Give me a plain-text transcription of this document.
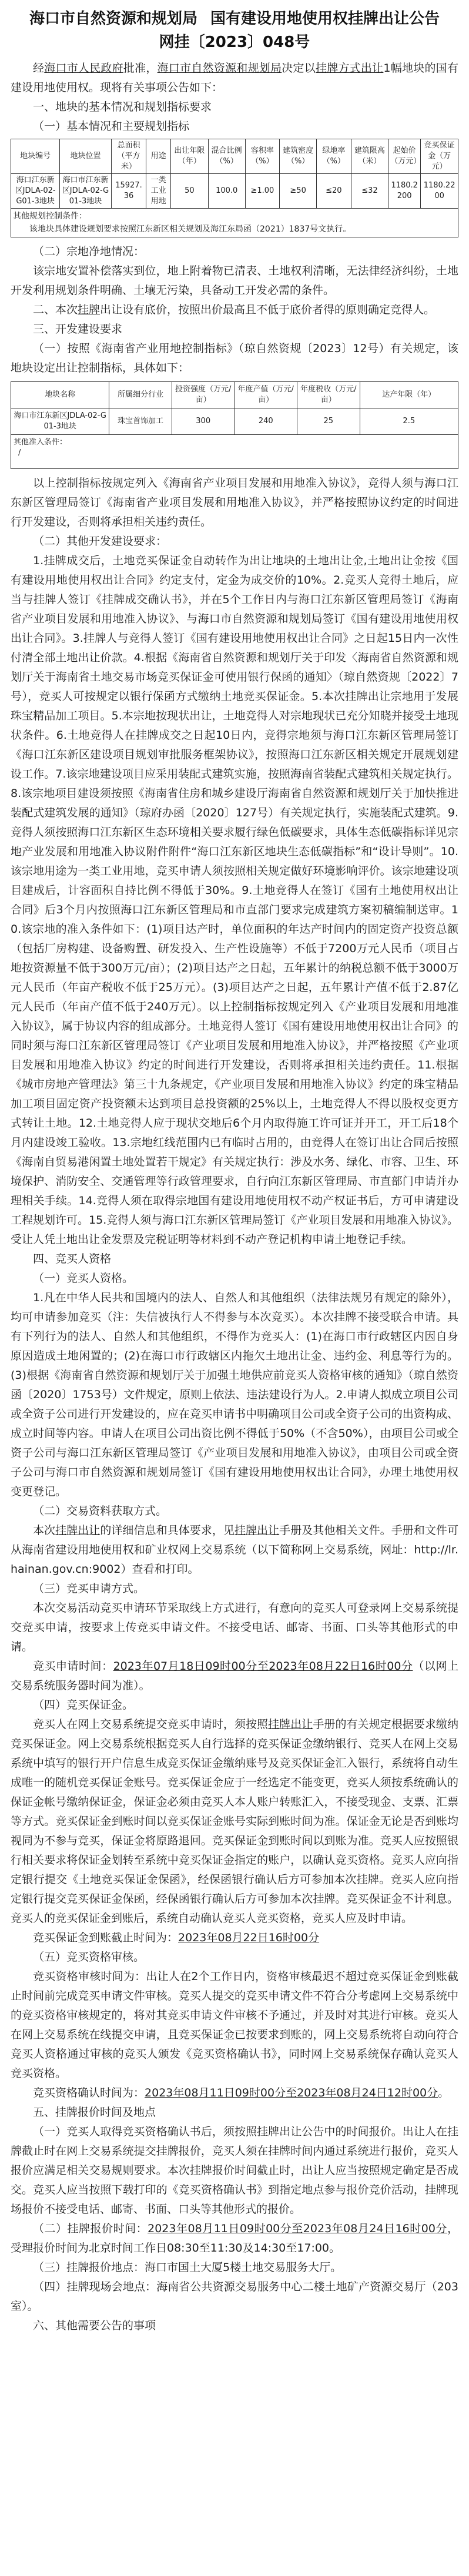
海口市自然资源和规划局 国有建设用地使用权挂牌出让公告
网挂〔2023〕048号

经海口市人民政府批准，海口市自然资源和规划局决定以挂牌方式出让1幅地块的国有建设用地使用权。现将有关事项公告如下：

一、地块的基本情况和规划指标要求

（一）基本情况和主要规划指标

地块编号	地块位置	总面积（平方米）	用途	出让年限（年）	混合比例（%）	容积率（%）	建筑密度（%）	绿地率（%）	建筑限高（米）	起始价（万元）	竞买保证金（万元）
海口江东新区JDLA-02-G01-3地块	海口市江东新区JDLA-02-G01-3地块	15927.36	一类工业用地	50	100.0	≥1.00	≥50	≤20	≤32	1180.2200	1180.2200

其他规划控制条件：
该地块具体建设规划要求按照江东新区相关规划及海江东局函（2021）1837号文执行。											

（二）宗地净地情况：

该宗地安置补偿落实到位，地上附着物已清表、土地权利清晰，无法律经济纠纷，土地开发利用规划条件明确、土壤无污染，具备动工开发必需的条件。

二、本次挂牌出让设有底价，按照出价最高且不低于底价者得的原则确定竞得人。

三、开发建设要求

（一）按照《海南省产业用地控制指标》（琼自然资规〔2023〕12号）有关规定，该地块设定出让控制指标，具体如下：

地块名称	所属细分行业	投资强度（万元/亩）	年度产值（万元/亩）	年度税收（万元/亩）	达产年限（年）
海口市江东新区JDLA-02-G01-3地块	珠宝首饰加工	300	240	25	2.5

其他准入条件：
/					

以上控制指标按规定列入《海南省产业项目发展和用地准入协议》，竞得人须与海口江东新区管理局签订《海南省产业项目发展和用地准入协议》，并严格按照协议约定的时间进行开发建设，否则将承担相关违约责任。

（二）其他开发建设要求：

1.挂牌成交后，土地竞买保证金自动转作为出让地块的土地出让金,土地出让金按《国有建设用地使用权出让合同》约定支付，定金为成交价的10%。2.竞买人竞得土地后，应当与挂牌人签订《挂牌成交确认书》，并在5个工作日内与海口江东新区管理局签订《海南省产业项目发展和用地准入协议》、与海口市自然资源和规划局签订《国有建设用地使用权出让合同》。3.挂牌人与竞得人签订《国有建设用地使用权出让合同》之日起15日内一次性付清全部土地出让价款。4.根据《海南省自然资源和规划厅关于印发〈海南省自然资源和规划厅关于海南省土地交易市场竞买保证金可使用银行保函的通知〉（琼自然资规〔2022〕7号），竞买人可按规定以银行保函方式缴纳土地竞买保证金。5.本次挂牌出让宗地用于发展珠宝精品加工项目。5.本宗地按现状出让，土地竞得人对宗地现状已充分知晓并接受土地现状条件。6.土地竞得人在挂牌成交之日起10日内，竞得宗地须与海口江东新区管理局签订《海口江东新区建设项目规划审批服务框架协议》，按照海口江东新区相关规定开展规划建设工作。7.该宗地建设项目应采用装配式建筑实施，按照海南省装配式建筑相关规定执行。8.该宗地项目建设须按照《海南省住房和城乡建设厅海南省自然资源和规划厅关于加快推进装配式建筑发展的通知》（琼府办函〔2020〕127号）有关规定执行，实施装配式建筑。9.竞得人须按照海口江东新区生态环境相关要求履行绿色低碳要求，具体生态低碳指标详见宗地产业发展和用地准入协议附件附件“海口江东新区地块生态低碳指标”和“设计导则”。10.该宗地用途为一类工业用地，竞买申请人须按照相关规定做好环境影响评价。该宗地建设项目建成后，计容面积自持比例不得低于30%。9.土地竞得人在签订《国有土地使用权出让合同》后3个月内按照海口江东新区管理局和市直部门要求完成建筑方案初稿编制送审。10.该宗地的准入条件如下：(1)项目达产时，单位面积的年达产时间内的固定资产投资总额（包括厂房构建、设备购置、研发投入、生产性设施等）不低于7200万元人民币（项目占地按资源量不低于300万元/亩）；(2)项目达产之日起，五年累计的纳税总额不低于3000万元人民币（年亩产税收不低于25万元）。(3)项目达产之日起，五年累计产值不低于2.87亿元人民币（年亩产值不低于240万元）。以上控制指标按规定列入《产业项目发展和用地准入协议》，属于协议内容的组成部分。土地竞得人签订《国有建设用地使用权出让合同》的同时须与海口江东新区管理局签订《产业项目发展和用地准入协议》，并严格按照《产业项目发展和用地准入协议》约定的时间进行开发建设，否则将承担相关违约责任。11.根据《城市房地产管理法》第三十九条规定，《产业项目发展和用地准入协议》约定的珠宝精品加工项目固定资产投资额未达到项目总投资额的25%以上，土地竞得人不得以股权变更方式转让土地。12.土地竞得人应于现状交地后6个月内取得施工许可证并开工，开工后18个月内建设竣工验收。13.宗地红线范围内已有临时占用的，由竞得人在签订出让合同后按照《海南自贸易港闲置土地处置若干规定》有关规定执行：涉及水务、绿化、市容、卫生、环境保护、消防安全、交通管理等行政管理要求，自行向江东新区管理局、市直部门申请并办理相关手续。14.竞得人须在取得宗地国有建设用地使用权不动产权证书后，方可申请建设工程规划许可。15.竞得人须与海口江东新区管理局签订《产业项目发展和用地准入协议》。受让人凭土地出让金发票及完税证明等材料到不动产登记机构申请土地登记手续。

四、竞买人资格

（一）竞买人资格。

1.凡在中华人民共和国境内的法人、自然人和其他组织（法律法规另有规定的除外），均可申请参加竞买（注：失信被执行人不得参与本次竞买）。本次挂牌不接受联合申请。具有下列行为的法人、自然人和其他组织，不得作为竞买人：(1)在海口市行政辖区内因自身原因造成土地闲置的；(2)在海口市行政辖区内拖欠土地出让金、违约金、利息等行为的。(3)根据《海南省自然资源和规划厅关于加强土地供应前竞买人资格审核的通知》（琼自然资函〔2020〕1753号）文件规定，原则上依法、违法建设行为人。2.申请人拟成立项目公司或全资子公司进行开发建设的，应在竞买申请书中明确项目公司或全资子公司的出资构成、成立时间等内容。申请人在项目公司出资比例不得低于50%（不含50%），由项目公司或全资子公司与海口江东新区管理局签订《产业项目发展和用地准入协议》，由项目公司或全资子公司与海口市自然资源和规划局签订《国有建设用地使用权出让合同》，办理土地使用权变更登记。

（二）交易资料获取方式。

本次挂牌出让的详细信息和具体要求，见挂牌出让手册及其他相关文件。手册和文件可从海南省建设用地使用权和矿业权网上交易系统（以下简称网上交易系统，网址：http://lr.hainan.gov.cn:9002）查看和打印。

（三）竞买申请方式。

本次交易活动竞买申请环节采取线上方式进行，有意向的竞买人可登录网上交易系统提交竞买申请，按要求上传竞买申请文件。不接受电话、邮寄、书面、口头等其他形式的申请。

竞买申请时间：2023年07月18日09时00分至2023年08月22日16时00分（以网上交易系统服务器时间为准）。

（四）竞买保证金。

竞买人在网上交易系统提交竞买申请时，须按照挂牌出让手册的有关规定根据要求缴纳竞买保证金。网上交易系统根据竞买人自行选择的竞买保证金缴纳银行、竞买人在网上交易系统中填写的银行开户信息生成竞买保证金缴纳账号及竞买保证金汇入银行，系统将自动生成唯一的随机竞买保证金账号。竞买保证金应于一经选定不能变更，竞买人须按系统确认的保证金帐号缴纳保证金，保证金必须由竞买人本人账户转账汇入，不接受现金、支票、汇票等方式。竞买保证金到账时间以竞买保证金账号实际到账时间为准。保证金无论是否到账均视同为不参与竞买，保证金将原路退回。竞买保证金到账时间以到账为准。竞买人应按照银行相关要求将保证金划转至系统中竞买保证金指定的账户，以确认竞买资格。竞买人应向指定银行提交《土地竞买保证金保函》，经保函银行确认后方可参加本次挂牌。竞买人应向指定银行提交竞买保证金保函，经保函银行确认后方可参加本次挂牌。竞买保证金不计利息。竞买人的竞买保证金到账后，系统自动确认竞买人竞买资格，竞买人应及时申请。

竞买保证金到账截止时间为：2023年08月22日16时00分

（五）竞买资格审核。

竞买资格审核时间为：出让人在2个工作日内，资格审核最迟不超过竞买保证金到账截止时间前完成竞买申请文件审核。竞买人提交的竞买申请文件不符合分考虑网上交易系统中的竞买资格审核规定的，将对其竞买申请文件审核不予通过，并及时对其进行审核。竞买人在网上交易系统在线提交申请，且竞买保证金已按要求到账的，网上交易系统将自动向符合竞买人资格通过审核的竞买人颁发《竞买资格确认书》，同时网上交易系统保存确认竞买人竞买资格。

竞买资格确认时间为：2023年08月11日09时00分至2023年08月24日12时00分。

五、挂牌报价时间及地点

（一）竞买人取得竞买资格确认书后，须按照挂牌出让公告中的时间报价。出让人在挂牌截止时在网上交易系统提交挂牌报价，竞买人须在挂牌时间内通过系统进行报价，竞买人报价应满足相关交易规则要求。本次挂牌报价时间截止时，出让人应当按照规定确定是否成交。竞买人应当按照下载打印的《竞买资格确认书》到指定地点参与报价竞价活动，挂牌现场报价不接受电话、邮寄、书面、口头等其他形式的报价。

（二）挂牌报价时间：2023年08月11日09时00分至2023年08月24日16时00分，受理报价时间为北京时间工作日08:30至11:30及14:30至17:00。

（三）挂牌报价地点：海口市国土大厦5楼土地交易服务大厅。

（四）挂牌现场会地点：海南省公共资源交易服务中心二楼土地矿产资源交易厅（203室）。

六、其他需要公告的事项
